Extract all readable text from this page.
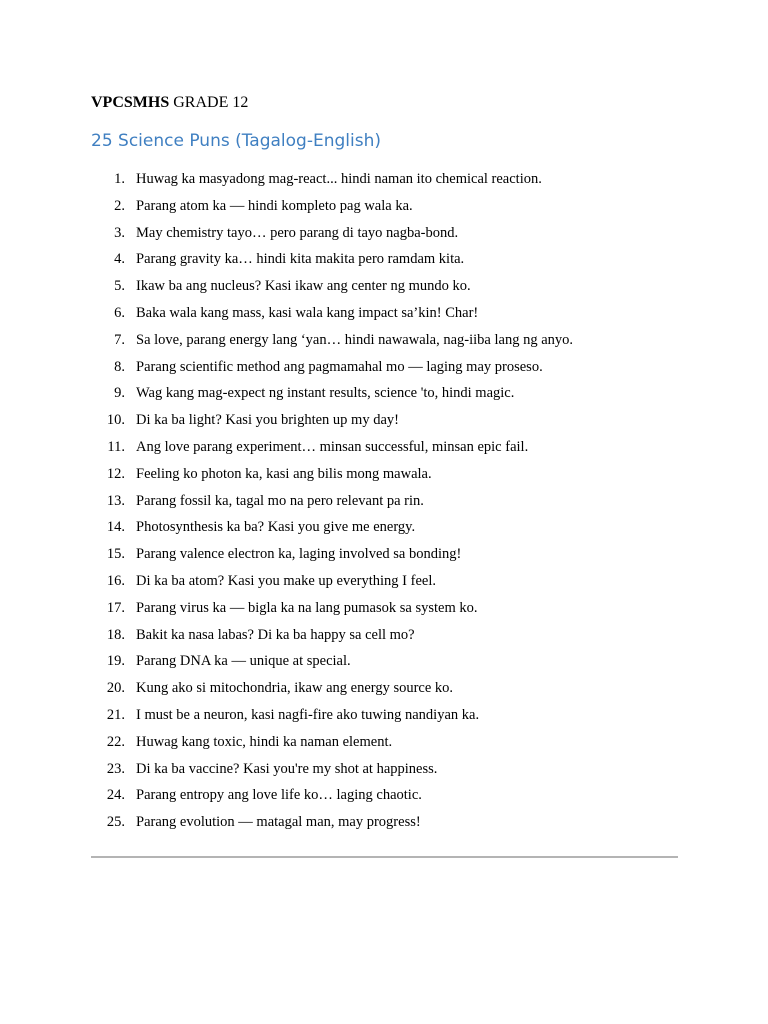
VPCSMHS GRADE 12
25 Science Puns (Tagalog-English)
1. Huwag ka masyadong mag-react... hindi naman ito chemical reaction.
2. Parang atom ka — hindi kompleto pag wala ka.
3. May chemistry tayo… pero parang di tayo nagba-bond.
4. Parang gravity ka… hindi kita makita pero ramdam kita.
5. Ikaw ba ang nucleus? Kasi ikaw ang center ng mundo ko.
6. Baka wala kang mass, kasi wala kang impact sa’kin! Char!
7. Sa love, parang energy lang ‘yan… hindi nawawala, nag-iiba lang ng anyo.
8. Parang scientific method ang pagmamahal mo — laging may proseso.
9. Wag kang mag-expect ng instant results, science 'to, hindi magic.
10. Di ka ba light? Kasi you brighten up my day!
11. Ang love parang experiment… minsan successful, minsan epic fail.
12. Feeling ko photon ka, kasi ang bilis mong mawala.
13. Parang fossil ka, tagal mo na pero relevant pa rin.
14. Photosynthesis ka ba? Kasi you give me energy.
15. Parang valence electron ka, laging involved sa bonding!
16. Di ka ba atom? Kasi you make up everything I feel.
17. Parang virus ka — bigla ka na lang pumasok sa system ko.
18. Bakit ka nasa labas? Di ka ba happy sa cell mo?
19. Parang DNA ka — unique at special.
20. Kung ako si mitochondria, ikaw ang energy source ko.
21. I must be a neuron, kasi nagfi-fire ako tuwing nandiyan ka.
22. Huwag kang toxic, hindi ka naman element.
23. Di ka ba vaccine? Kasi you're my shot at happiness.
24. Parang entropy ang love life ko… laging chaotic.
25. Parang evolution — matagal man, may progress!
